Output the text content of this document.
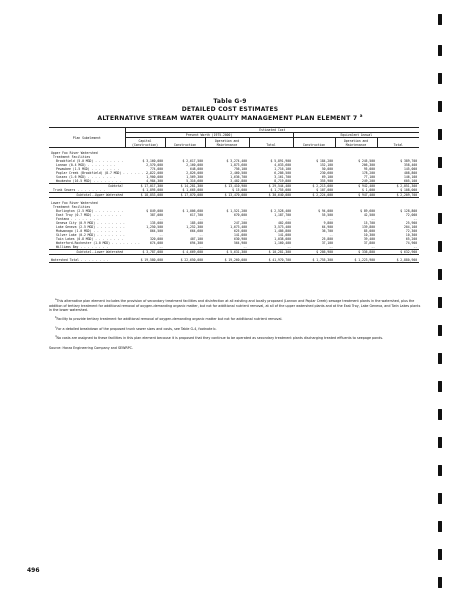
Table G-9
DETAILED COST ESTIMATES
ALTERNATIVE STREAM WATER QUALITY MANAGEMENT PLAN ELEMENT 7 $^a$
Plan Subelement	Estimated Cost						
	Present Worth (1975-2000)				Equivalent Annual		
	Capital (Construction)	Construction	Operation and Maintenance	Total	Construction	Operation and Maintenance	Total

Upper Fox River Watershed							
Treatment Facilities							
Brookfield (5.0 MGD) . . . . . . . .	$ 3,160,000	$ 2,617,500	$ 3,274,400	$ 5,891,900	$ 184,200	$ 245,500	$ 389,700
Lannon (0.4 MGD) . . . . . . . .	2,570,000	2,160,000	1,873,600	4,033,600	152,100	206,300	358,400
Pewaukee (1.5 MGD) . . . . . . . .	774,000	648,000	756,100	1,716,100	50,000	95,000	145,000
Poplar Creek (Brookfield) (8.7 MGD) . . . . . . . .	2,822,000	2,826,000	2,460,500	6,286,500	230,600	178,200	408,800
Sussex (1.6 MGD) . . . . . . . .	1,900,000	1,569,300	1,636,700	3,161,700	69,100	77,100	146,100
Waukesha (16.5 MGD) . . . . . . . .	4,984,300	5,316,600	3,402,800	8,719,800	355,900	249,200	605,100
Subtotal	$ 17,017,300	$ 14,281,300	$ 13,410,900	$ 29,544,400	$ 2,213,000	$ 942,400	$ 2,051,300
Trunk Sewers . . . . . . . .	$ 1,895,000	$ 1,665,000	$ 15,000	$ 1,755,000	$ 107,000	$ 1,000	$ 108,000
Subtotal--Upper Watershed	$ 18,853,000	$ 17,070,000	$ 13,470,000	$ 30,640,000	$ 2,224,000	$ 947,400	$ 2,209,700

Lower Fox River Watershed							
Treatment Facilities							
Burlington (2.5 MGD) . . . . . . . .	$ 849,000	$ 1,006,600	$ 1,521,200	$ 2,528,400	$ 94,000	$ 89,600	$ 128,800
East Troy (0.7 MGD) . . . . . . . .	387,000	617,700	670,000	1,187,700	55,500	42,500	72,000
Fontana . . . . . . . .	--	--	--	--	--	--	--
Geneva City (0.9 MGD) . . . . . . . .	135,000	185,400	247,200	402,600	9,800	15,700	25,900
Lake Geneva (2.5 MGD) . . . . . . . .	1,250,500	1,252,300	1,673,400	3,573,400	64,900	139,800	204,100
Mukwonago (1.0 MGD) . . . . . . . .	864,500	664,600	625,000	1,486,800	36,700	85,000	72,300
Silver Lake (0.2 MGD) . . . . . . . .	--	--	141,000	141,000	--	10,300	10,300
Twin Lakes (0.8 MGD) . . . . . . . .	320,000	407,100	630,900	1,038,000	25,800	39,400	65,200
Waterford-Rochester (1.0 MGD) . . . . . . . .	674,000	694,300	564,900	1,160,400	37,100	37,800	74,900
Williams Bay . . . . . . . .	--	--	--	--	--	--	--
Subtotal--Lower Watershed	$ 3,787,000	$ 4,669,600	$ 5,631,300	$ 10,281,300	$ 286,900	$ 336,800	$ 632,900

Watershed Total . . . . . . . .	$ 19,580,000	$ 22,650,000	$ 19,260,000	$ 41,970,700	$ 1,755,300	$ 1,223,900	$ 2,880,900

$^a$This alternative plan element includes the provision of secondary treatment facilities and disinfection at all existing and locally proposed (Lannon and Poplar Creek) sewage treatment plants in the watershed, plus the addition of tertiary treatment for additional removal of oxygen-demanding organic matter, but not for additional nutrient removal, at all of the upper watershed plants and at the East Troy, Lake Geneva, and Twin Lakes plants in the lower watershed.

$^b$Facility to provide tertiary treatment for additional removal of oxygen-demanding organic matter but not for additional nutrient removal.

$^c$For a detailed breakdown of the proposed trunk sewer sizes and costs, see Table G-4, footnote b.

$^d$No costs are assigned to these facilities in this plan element because it is proposed that they continue to be operated as secondary treatment plants discharging treated effluents to seepage ponds.

Source: Harza Engineering Company and SEWRPC.

496
